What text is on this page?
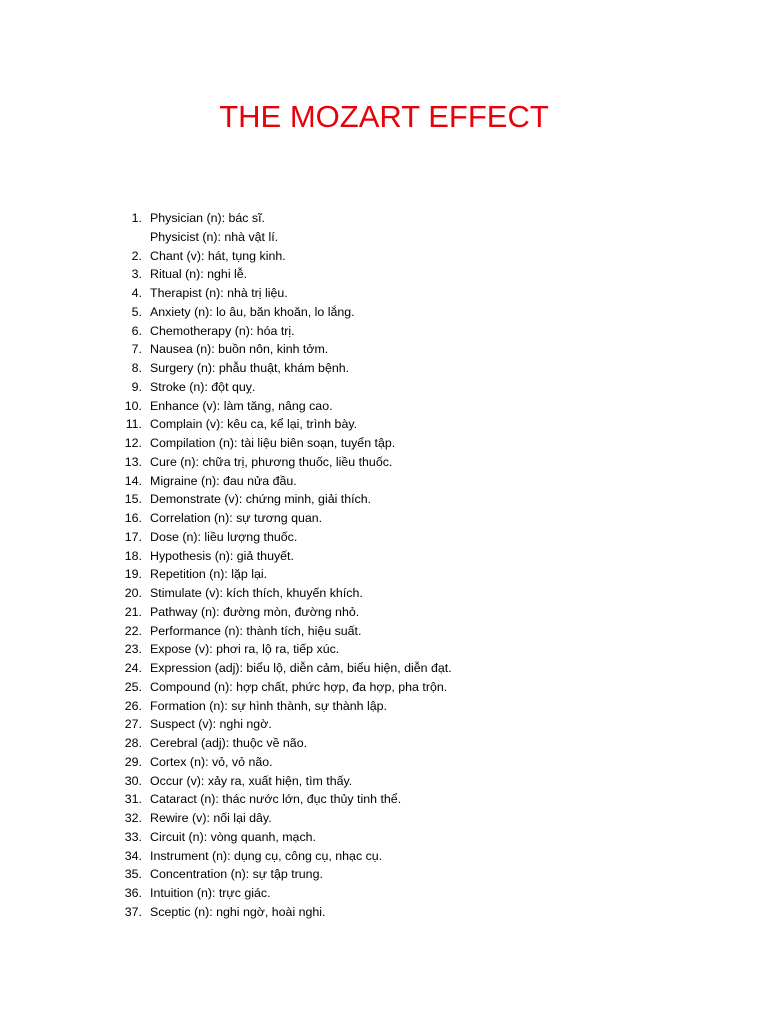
THE MOZART EFFECT
1. Physician (n): bác sĩ.
Physicist (n): nhà vật lí.
2. Chant (v): hát, tụng kinh.
3. Ritual (n): nghi lễ.
4. Therapist (n): nhà trị liệu.
5. Anxiety (n): lo âu, băn khoăn, lo lắng.
6. Chemotherapy (n): hóa trị.
7. Nausea (n): buồn nôn, kinh tởm.
8. Surgery (n): phẫu thuật, khám bệnh.
9. Stroke (n): đột quỵ.
10. Enhance (v): làm tăng, nâng cao.
11. Complain (v): kêu ca, kể lại, trình bày.
12. Compilation (n): tài liệu biên soạn, tuyển tập.
13. Cure (n): chữa trị, phương thuốc, liều thuốc.
14. Migraine (n): đau nửa đầu.
15. Demonstrate (v): chứng minh, giải thích.
16. Correlation (n): sự tương quan.
17. Dose (n): liều lượng thuốc.
18. Hypothesis (n): giả thuyết.
19. Repetition (n): lặp lại.
20. Stimulate (v): kích thích, khuyến khích.
21. Pathway (n): đường mòn, đường nhỏ.
22. Performance (n): thành tích, hiệu suất.
23. Expose (v): phơi ra, lộ ra, tiếp xúc.
24. Expression (adj): biểu lộ, diễn cảm, biểu hiện, diễn đạt.
25. Compound (n): hợp chất, phức hợp, đa hợp, pha trộn.
26. Formation (n): sự hình thành, sự thành lập.
27. Suspect (v): nghi ngờ.
28. Cerebral (adj): thuộc về não.
29. Cortex (n): vỏ, vỏ não.
30. Occur (v): xảy ra, xuất hiện, tìm thấy.
31. Cataract (n): thác nước lớn, đục thủy tinh thể.
32. Rewire (v): nối lại dây.
33. Circuit (n): vòng quanh, mạch.
34. Instrument (n): dụng cụ, công cụ, nhạc cụ.
35. Concentration (n): sự tập trung.
36. Intuition (n): trực giác.
37. Sceptic (n): nghi ngờ, hoài nghi.
